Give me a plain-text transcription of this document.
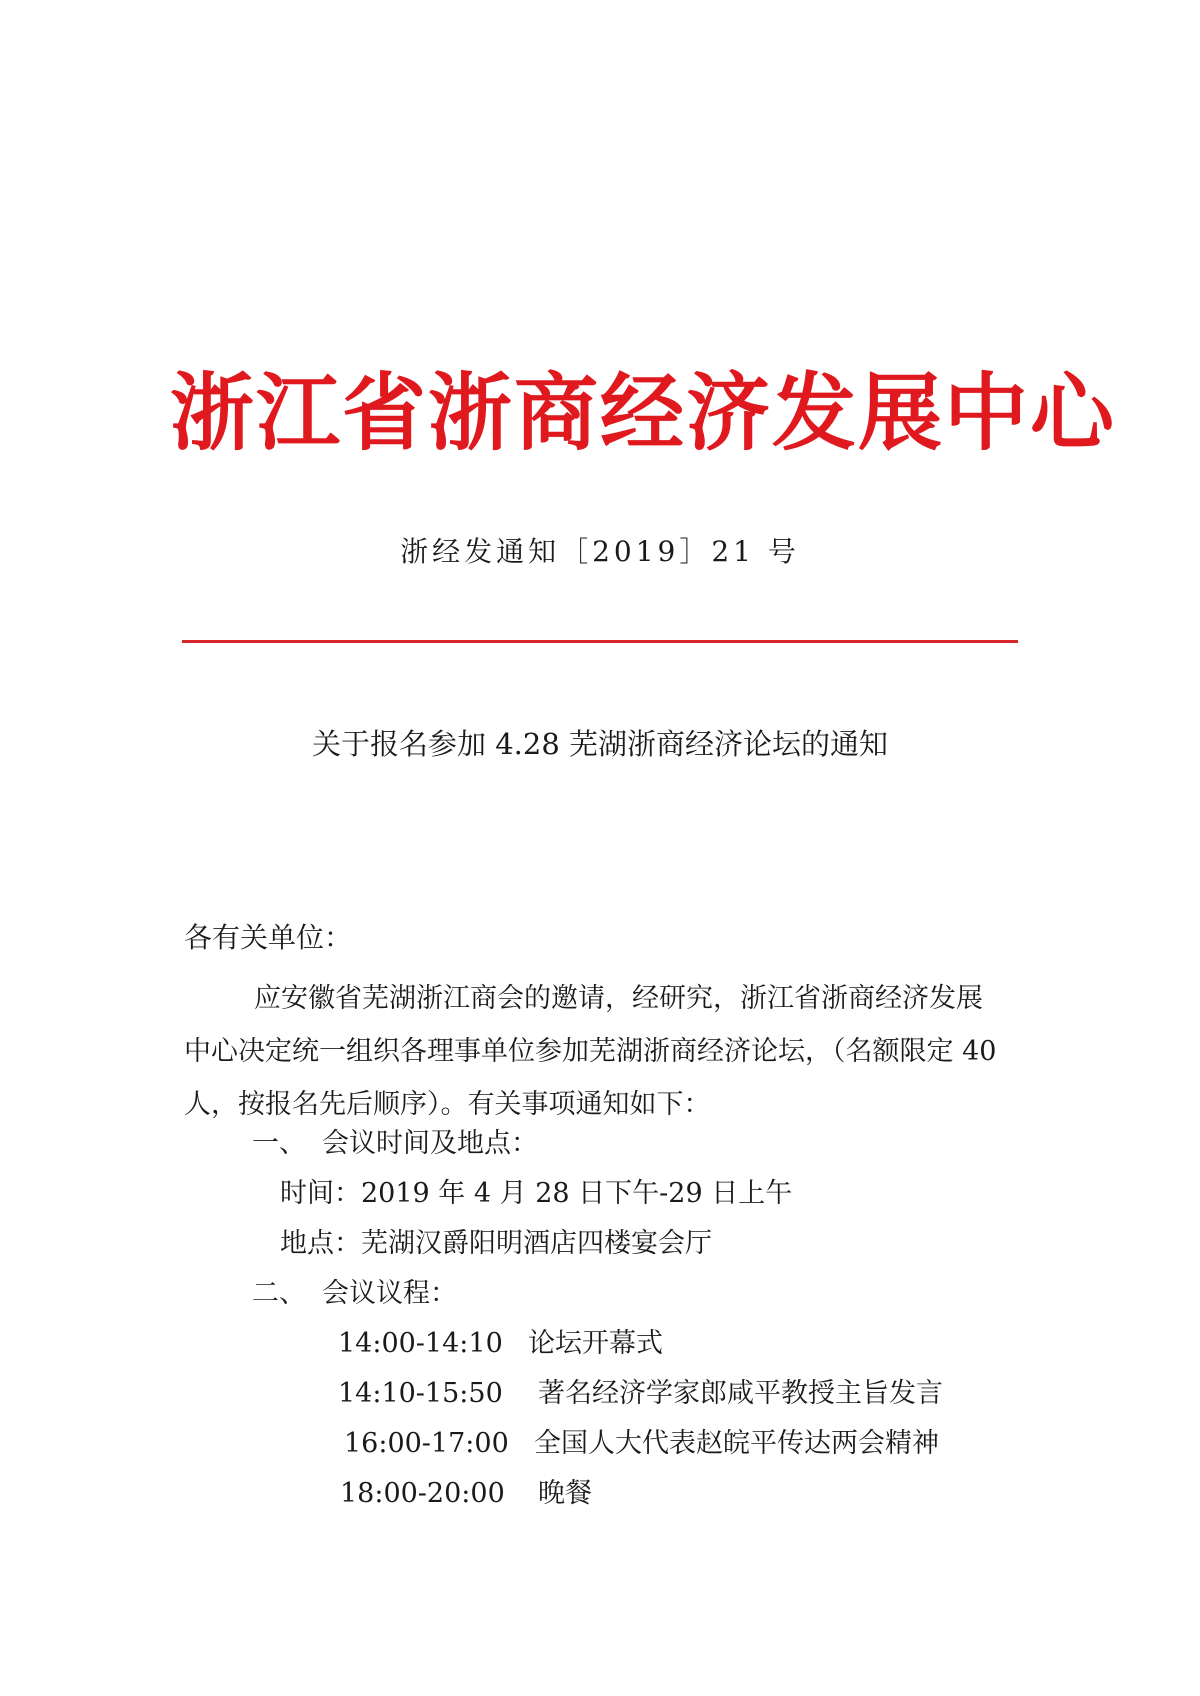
浙江省浙商经济发展中心
浙经发通知［2019］21 号
关于报名参加 4.28 芜湖浙商经济论坛的通知
各有关单位：
应安徽省芜湖浙江商会的邀请，经研究，浙江省浙商经济发展
中心决定统一组织各理事单位参加芜湖浙商经济论坛，（名额限定 40
人，按报名先后顺序）。有关事项通知如下：
一、 会议时间及地点：
时间：2019 年 4 月 28 日下午-29 日上午
地点：芜湖汉爵阳明酒店四楼宴会厅
二、 会议议程：
14:00-14:10 论坛开幕式
14:10-15:50 著名经济学家郎咸平教授主旨发言
16:00-17:00 全国人大代表赵皖平传达两会精神
18:00-20:00 晚餐
